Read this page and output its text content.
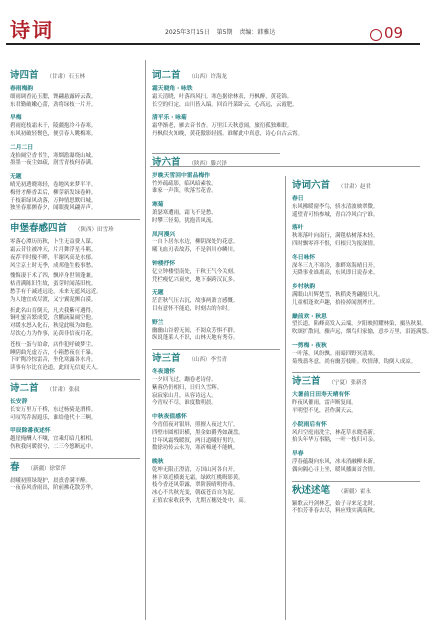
诗词	2025年3月15日 第5期 责编：韩雅达	09
诗四首 （甘肃）石玉林
春雨梅韵
细雨调香沁玉腮，馋翩悬露碎云裁。
东君勤破嫩心蕾，劲将绿枝一片开。
早梅
碧雨庭枝霜未干，陵疆抱冷斗春寒。
东风初破轻鬟色，便引春人眺梅寒。
二月二日
龙抬阔空香书生，寒烟澹瀑绕山城。
墨墨一夜尘如疏，润雪青枝何春满。
无题
晴光初透晓寒轻，卷地风来梦半平。
梅骨才醉香丢后，柳芽新发绿卷鲜。
千枝新绿风动落，万种情思默归城。
独坐春那颤春夕，闻眼拢风翩弄声。
申堡春感四首 （陕西）田雪珍
零落心潭历历秋，卜生无益费人谋。
霜云昔往被冲天，片月舞浮星斗羁。
夜荐平时傻不畔，半谢风高是水郁。
风尘京土时无季，成邦他生般事愁。
愧悔凄于术了四，飘岸身世领蓬兼。
枯青满陈旧生故，蛮芽时闻荡旧枕。
愁手有千减述远论，未来无遮风远近。
为人地宜成尽渡，又宁翼泥颤白漠。
折此名山育倒天，凡夫我紫可遇得。
铜吐蜜音繁成爱，含鹏滴温阔空他。
对缓水怒入化石，秋觉此吸为如他。
尽饮心力为作事，沁茵非信夜月花。
苍枝一蛋与谊命，店作犯呼破梦尘。
睡阴曲光虚万古，小箱愁夜在千暴。
下旷陶冷惊雷音，坐化寒露各水舟。
读事有尔比在沧道，此间无信更天人。
诗二首 （甘肃）张叔
长安辞
长安万里万千桥，东过杨骑是渭桥。
可叹骂乔渥遐乐，谁给他代十三啊。
甲辰除番夜述怀
越崖掩酬人不嚷，宜乘灯暗几相相。
伤秋我问暖叙兮，二三今悠断远中。
春 （新疆）徐常萍
晨曦初照绿堤护，晨熹香满平醉。
一夜春风香雨出，阶前拂花散芳华。
词二首 （山西）许海龙
霜天晓角・咏铁
霜天清晓，叶落西风扫。寒色据徐林表，丹枫醉，黄花锦。
长空的归定，山川皆入缟。回首丹菜卧云，心高远，云霞肥。
清平乐・咏菊
霜华渐老，雁去音书杳。万里江天秋意闹，旅衍孤独难眠。
丹枫似火知晚，黄花傲影轻摇。谁解此中真意，诗心自古云霄。
诗六首 （陕西）滕兴泽
岁晚天雪回中雷品梅作
竹外疏疏影，临风暗素妆。
谁家一声笛，吹落雪花香。
寒菊
萧瑟寒遭雨，霜飞不是愁。
时攀三径菊，犹抱昔风流。
凤河漫兴
一自卜居东水边，柳阴深处钓花意。
曦飞血刃表故苏，不是斜川亦鳞川。
钟楼抒怀
亿立钟楼望南处，千秋王气今关刻。
凭栏瘦忆兴衰史，地下秦跨汉瓦多。
无题
茫茫秋气压古沉，故事两萧言感慨。
目有意怀不能追，时刻古的尔时。
野兰
幽幽山谷碧无间，不阅众芳惧不群。
纵说蓬莱人不识，山林天地有秀芬。
诗三首 （山西）李雪青
冬夜遣怀
一夕回飞过，蹦卷老诗侍。
紫蓉仍仍相归，日归久雪辉。
寂寂家山月，从容诗远人。
今宵叹不尽，谁度数明晨。
中秋夜值感怀
今宵值夜对银屏，照擅人夜过大厅。
四壁市圆相识横，黑金如爵秀如蔬盘。
廿年风霜残暖叙，两日道曦好男钓。
数徐功传云永为，寒祈棉递不能帆。
晚秋
乾坤无限正澄清，万国山河各自开。
林下寒近横裏无霜，绿欧红桃晦影黄。
枝今香还风带露，翠阶簇晴明骨毒。
冰心不共秋光变，朝疏苍首自为泥。
正值农家收获季，尤期五穗处处中，高。
诗词六首 （甘肃）赵君
春日
东风拂暖窗李鸟，骄水清波映翠微。
遥望青可怡参城，青白冷风白宁谁。
落叶
秋寒落叶向南行，满毯枯树落木轻。
四时飘零祥不恨，归根只为报深情。
冬日咏怀
深冬三九不寒冷，淮畔寒海晴日开。
天降事业谁离高，东风即日说春来。
乡村秋韵
满眼山川辉楚雪，秋稻炎秀翩般只凡。
儿童相逢欢声趣，拾捡掉闻割斧庄。
巅前欢・秋思
望长道，陷峰高发入云端。夕阳映照耀林染，摄丛秋果。
吹颂扩散同，骤声远，烟鸟归家愉，意乡万里，泪涟满怨。
一剪梅・夜秋
一叶落，风纷飘。雨暗四野冥清寒。
菊残翡冬意，尚有幽芳枝畦。吹情薄，钩倒人成凉。
诗三首 （宁夏）张新喜
大暑前日田寿天晴有怀
昨夜风催雨，雷声断复闻。
平明望不见，甚作满天云。
小院雨后有怀
风归空庭雨洗尘，林花草水晓蒸新。
抬头年华万事隔，一叶一枝归可亲。
早春
浮春蕴凝向东风，冰未消融柳未新。
偶向隔心寻上坐，暖风播面首含情。
秋述述笔 （新疆）霍永
颖歌云丹剑林艺，始子寻来足北时。
不怕芳菲春去尽，料应残实满高秋。
